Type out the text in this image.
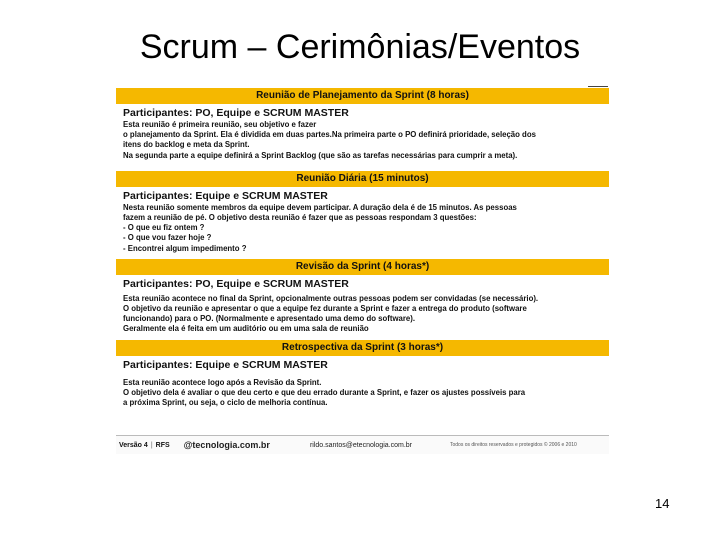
Scrum – Cerimônias/Eventos
Reunião de Planejamento da Sprint (8 horas)
Participantes: PO, Equipe e SCRUM MASTER
Esta reunião é primeira reunião, seu objetivo e fazer
o planejamento da Sprint. Ela é dividida em duas partes.Na primeira parte o PO definirá prioridade, seleção dos
itens do backlog e meta da Sprint.
Na segunda parte a equipe definirá a Sprint Backlog (que são as tarefas necessárias para cumprir a meta).
Reunião Diária (15 minutos)
Participantes: Equipe e SCRUM MASTER
Nesta reunião somente membros da equipe devem participar. A duração dela é de 15 minutos. As pessoas
fazem a reunião de pé. O objetivo desta reunião é fazer que as pessoas respondam 3 questões:
- O que eu fiz ontem ?
- O que vou fazer hoje ?
- Encontrei algum impedimento ?
Revisão da Sprint (4 horas*)
Participantes: PO, Equipe e SCRUM MASTER
Esta reunião acontece no final da Sprint, opcionalmente outras pessoas podem ser convidadas (se necessário).
O objetivo da reunião e apresentar o que a equipe fez durante a Sprint e fazer a entrega do produto (software
funcionando) para o PO. (Normalmente e apresentado uma demo do software).
Geralmente ela é feita em um auditório ou em uma sala de reunião
Retrospectiva da Sprint (3 horas*)
Participantes: Equipe e SCRUM MASTER
Esta reunião acontece logo após a Revisão da Sprint.
O objetivo dela é avaliar o que deu certo e que deu errado durante a Sprint, e fazer os ajustes possíveis para
a próxima Sprint, ou seja, o ciclo de melhoria contínua.
Versão 4 | RFS @tecnologia.com.br	rildo.santos@etecnologia.com.br	Todos os direitos reservados e protegidos © 2006 e 2010
14
